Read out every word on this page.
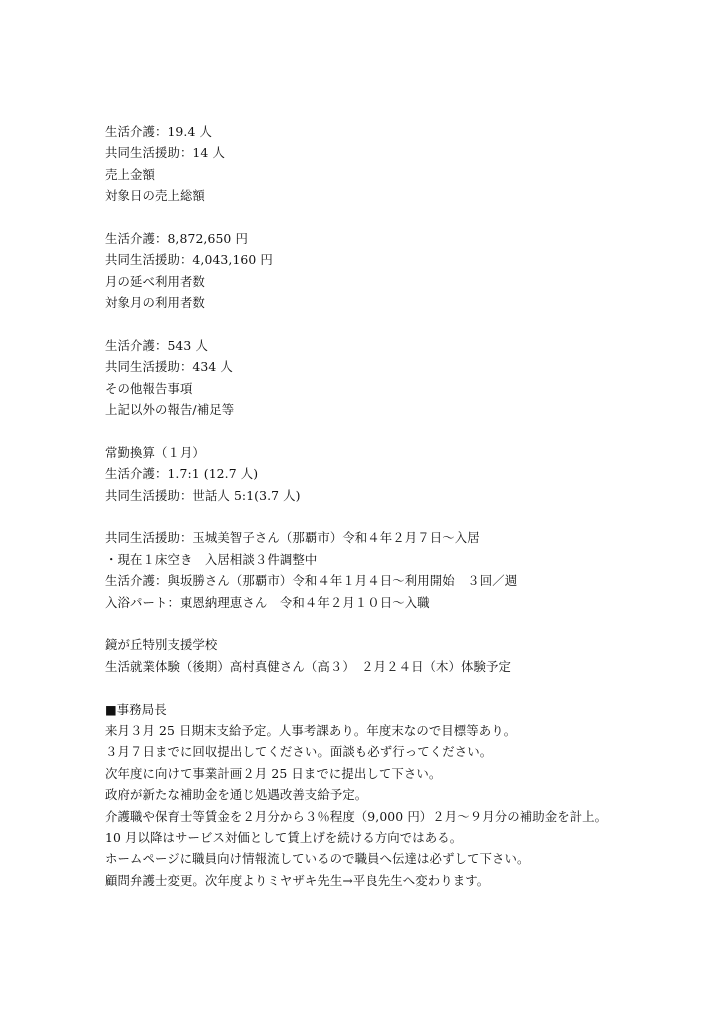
生活介護：19.4 人

共同生活援助：14 人

売上金額

対象日の売上総額

生活介護：8,872,650 円

共同生活援助：4,043,160 円

月の延べ利用者数

対象月の利用者数

生活介護：543 人

共同生活援助：434 人

その他報告事項

上記以外の報告/補足等

常勤換算（１月）

生活介護：1.7:1 (12.7 人)

共同生活援助：世話人 5:1(3.7 人)

共同生活援助：玉城美智子さん（那覇市）令和４年２月７日～入居

・現在１床空き　入居相談３件調整中

生活介護：與坂勝さん（那覇市）令和４年１月４日～利用開始　３回／週

入浴パート：東恩納理恵さん　令和４年２月１０日～入職

鏡が丘特別支援学校

生活就業体験（後期）高村真健さん（高３）　２月２４日（木）体験予定

■事務局長

来月３月 25 日期末支給予定。人事考課あり。年度末なので目標等あり。

３月７日までに回収提出してください。面談も必ず行ってください。

次年度に向けて事業計画２月 25 日までに提出して下さい。

政府が新たな補助金を通じ処遇改善支給予定。

介護職や保育士等賃金を２月分から３％程度（9,000 円）２月～９月分の補助金を計上。

10 月以降はサービス対価として賃上げを続ける方向ではある。

ホームページに職員向け情報流しているので職員へ伝達は必ずして下さい。

顧問弁護士変更。次年度よりミヤザキ先生→平良先生へ変わります。
